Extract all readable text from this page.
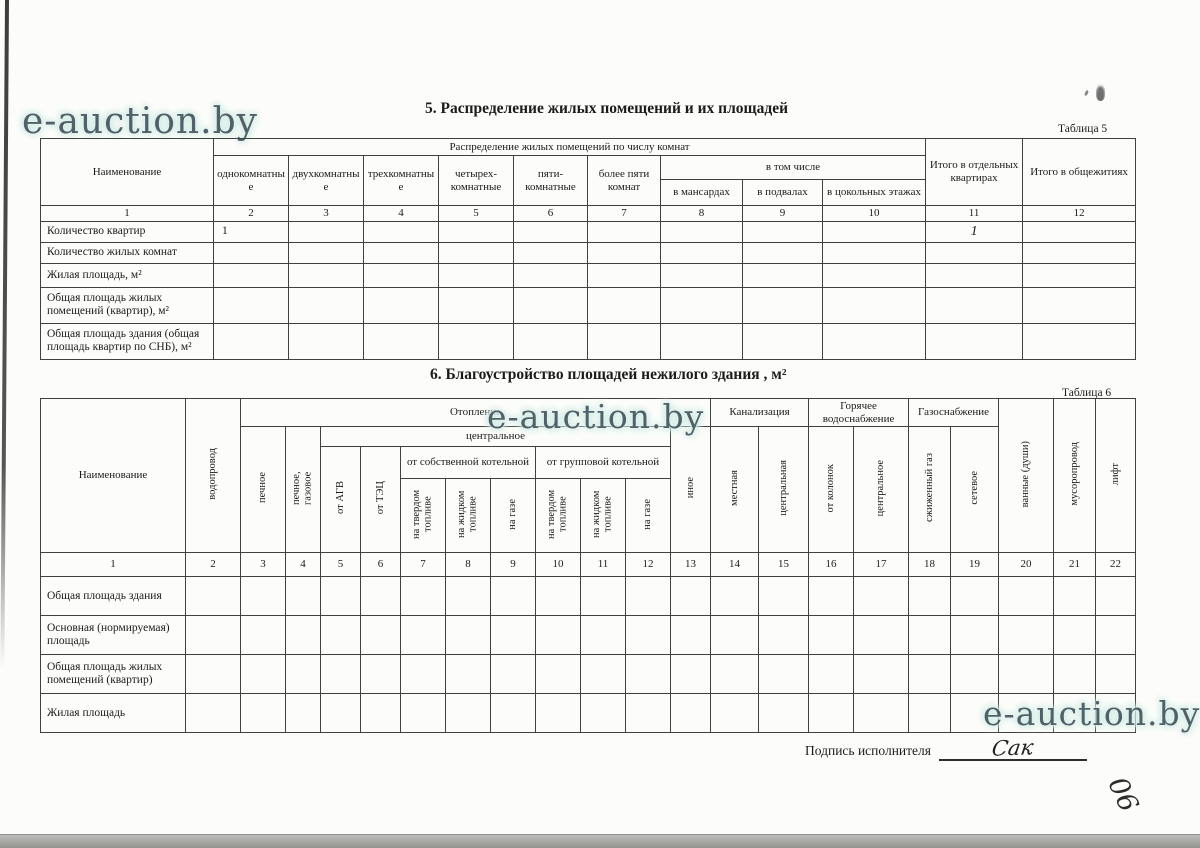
e-auction.by	5. Распределение жилых помещений и их площадей
Таблица 5
Наименование	Распределение жилых помещений по числу комнат									Итого в отдельных квартирах	Итого в общежитиях
	однокомнатные	двухкомнатные	трехкомнатные	четырех-комнатные	пяти-комнатные	более пяти комнат	в том числе				
							в мансардах	в подвалах	в цокольных этажах		
1	2	3	4	5	6	7	8	9	10	11	12
Количество квартир	1									1	
Количество жилых комнат											
Жилая площадь, м²											
Общая площадь жилых помещений (квартир), м²											
Общая площадь здания (общая площадь квартир по СНБ), м²											
6. Благоустройство площадей нежилого здания , м²
Таблица 6
Наименование	водопровод	Отопление											Канализация		Горячее водоснабжение		Газоснабжение		ванные (души)	мусоропровод	лифт
		печное	печное, газовое	центральное								иное	местная	центральная	от колонок	центральное	сжиженный газ	сетевое			
				от АГВ	от ТЭЦ	от собственной котельной			от групповой котельной												
						на твердом топливе	на жидком топливе	на газе	на твердом топливе	на жидком топливе	на газе										
1	2	3	4	5	6	7	8	9	10	11	12	13	14	15	16	17	18	19	20	21	22
Общая площадь здания																					
Основная (нормируемая) площадь																					
Общая площадь жилых помещений (квартир)																					
Жилая площадь																					
e-auction.by
e-auction.by
Подпись исполнителя	Сак
90
